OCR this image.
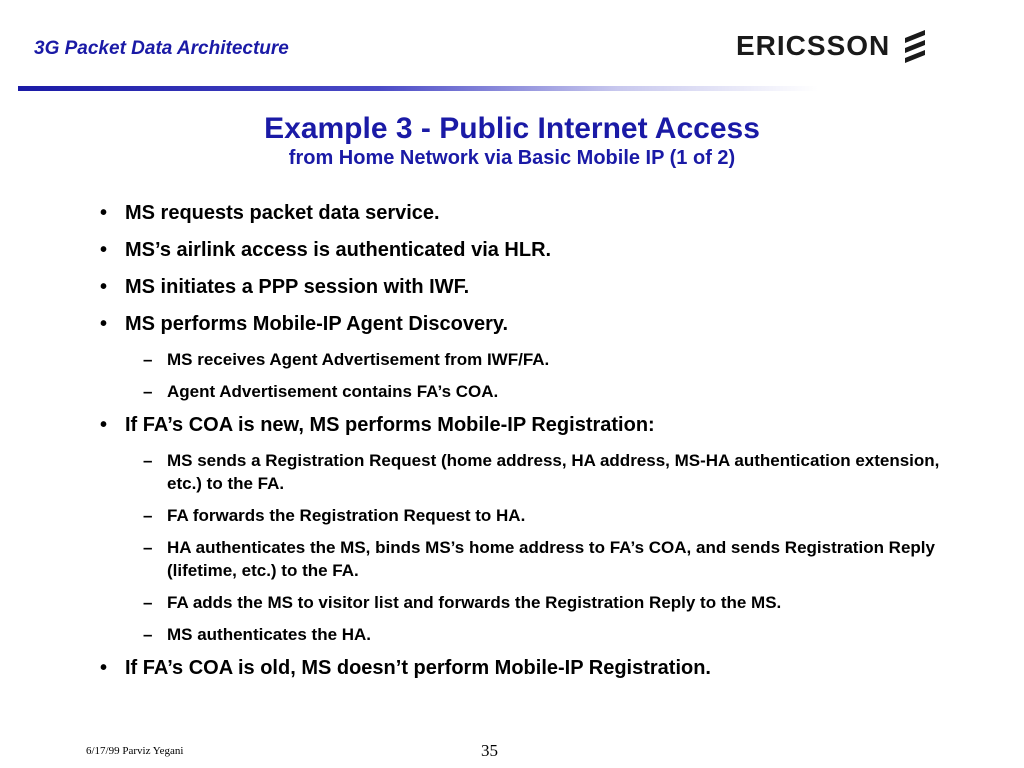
3G Packet Data Architecture	ERICSSON
Example 3 - Public Internet Access
from Home Network via Basic Mobile IP (1 of 2)
• MS requests packet data service.
• MS’s airlink access is authenticated via HLR.
• MS initiates a PPP session with IWF.
• MS performs Mobile-IP Agent Discovery.
– MS receives Agent Advertisement from IWF/FA.
– Agent Advertisement contains FA’s COA.
• If FA’s COA is new, MS performs Mobile-IP Registration:
– MS sends a Registration Request (home address, HA address, MS-HA authentication extension, etc.) to the FA.
– FA forwards the Registration Request to HA.
– HA authenticates the MS, binds MS’s home address to FA’s COA, and sends Registration Reply (lifetime, etc.) to the FA.
– FA adds the MS to visitor list and forwards the Registration Reply to the MS.
– MS authenticates the HA.
• If FA’s COA is old, MS doesn’t perform Mobile-IP Registration.
6/17/99 Parviz Yegani	35
